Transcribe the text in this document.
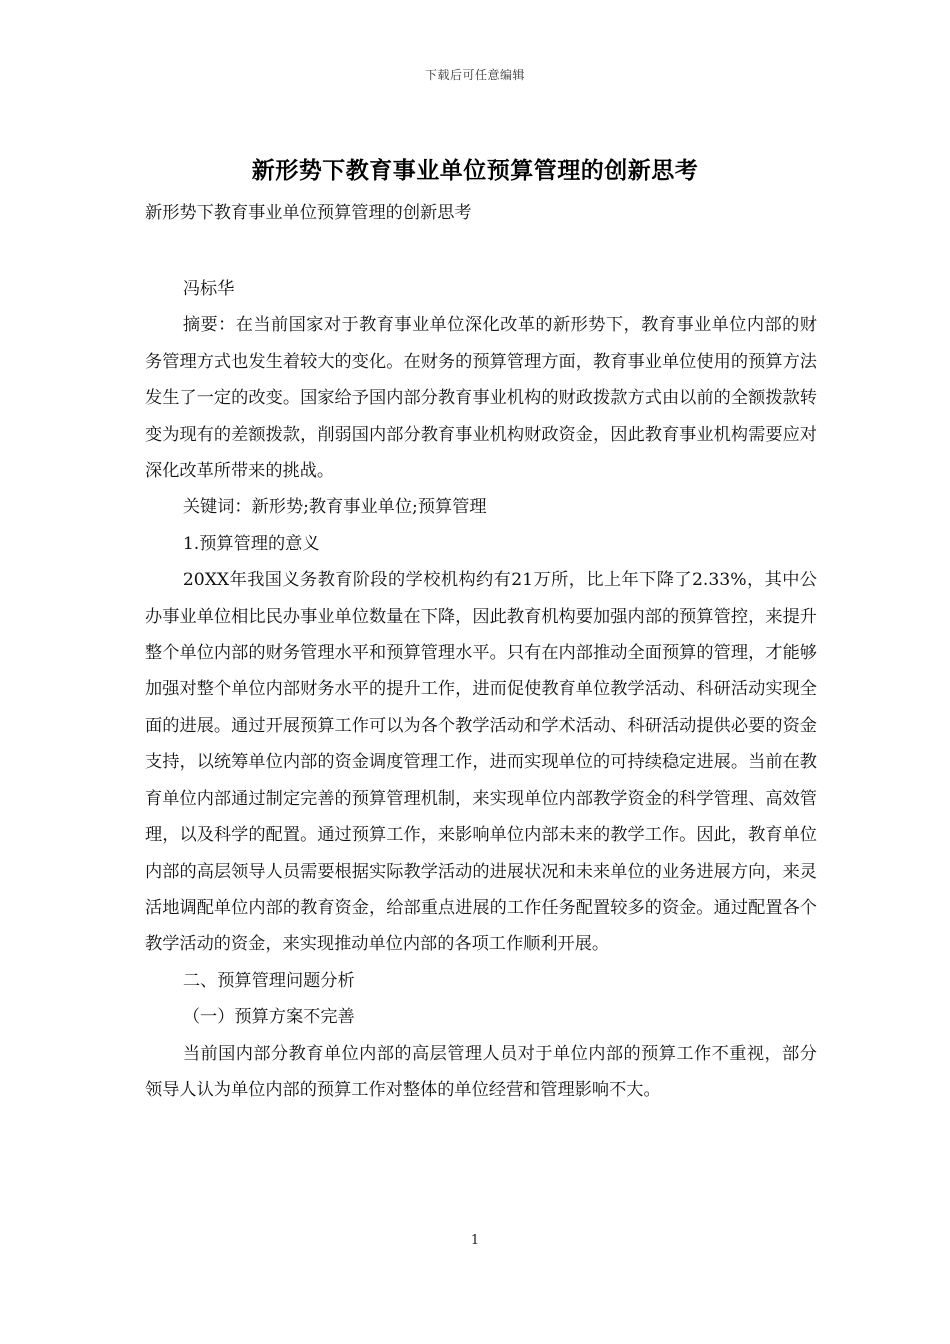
下载后可任意编辑
新形势下教育事业单位预算管理的创新思考
新形势下教育事业单位预算管理的创新思考

冯标华

摘要：在当前国家对于教育事业单位深化改革的新形势下，教育事业单位内部的财务管理方式也发生着较大的变化。在财务的预算管理方面，教育事业单位使用的预算方法发生了一定的改变。国家给予国内部分教育事业机构的财政拨款方式由以前的全额拨款转变为现有的差额拨款，削弱国内部分教育事业机构财政资金，因此教育事业机构需要应对深化改革所带来的挑战。

关键词：新形势;教育事业单位;预算管理

1.预算管理的意义

20XX年我国义务教育阶段的学校机构约有21万所，比上年下降了2.33%，其中公办事业单位相比民办事业单位数量在下降，因此教育机构要加强内部的预算管控，来提升整个单位内部的财务管理水平和预算管理水平。只有在内部推动全面预算的管理，才能够加强对整个单位内部财务水平的提升工作，进而促使教育单位教学活动、科研活动实现全面的进展。通过开展预算工作可以为各个教学活动和学术活动、科研活动提供必要的资金支持，以统筹单位内部的资金调度管理工作，进而实现单位的可持续稳定进展。当前在教育单位内部通过制定完善的预算管理机制，来实现单位内部教学资金的科学管理、高效管理，以及科学的配置。通过预算工作，来影响单位内部未来的教学工作。因此，教育单位内部的高层领导人员需要根据实际教学活动的进展状况和未来单位的业务进展方向，来灵活地调配单位内部的教育资金，给部重点进展的工作任务配置较多的资金。通过配置各个教学活动的资金，来实现推动单位内部的各项工作顺利开展。

二、预算管理问题分析

（一）预算方案不完善

当前国内部分教育单位内部的高层管理人员对于单位内部的预算工作不重视，部分领导人认为单位内部的预算工作对整体的单位经营和管理影响不大。

1
